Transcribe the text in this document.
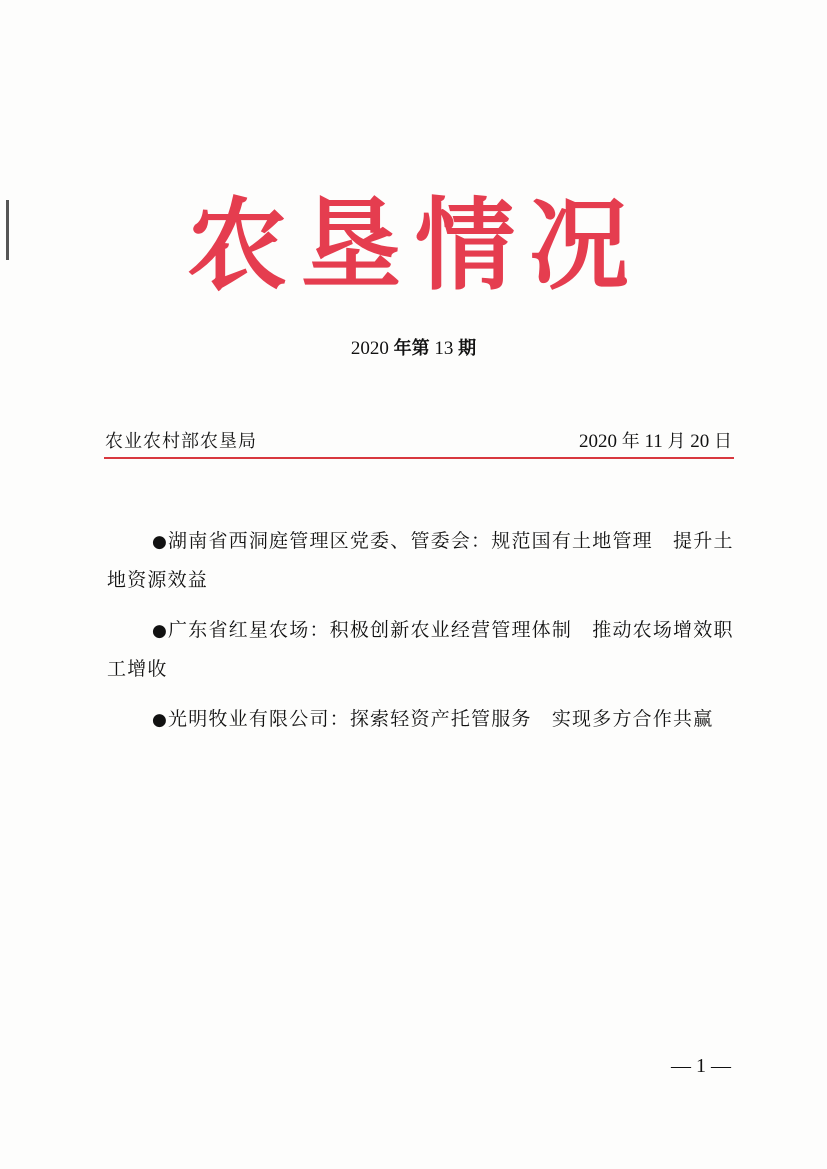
农垦情况
2020 年第 13 期
农业农村部农垦局	2020 年 11 月 20 日

●湖南省西洞庭管理区党委、管委会：规范国有土地管理　提升土地资源效益

●广东省红星农场：积极创新农业经营管理体制　推动农场增效职工增收

●光明牧业有限公司：探索轻资产托管服务　实现多方合作共赢

— 1 —
